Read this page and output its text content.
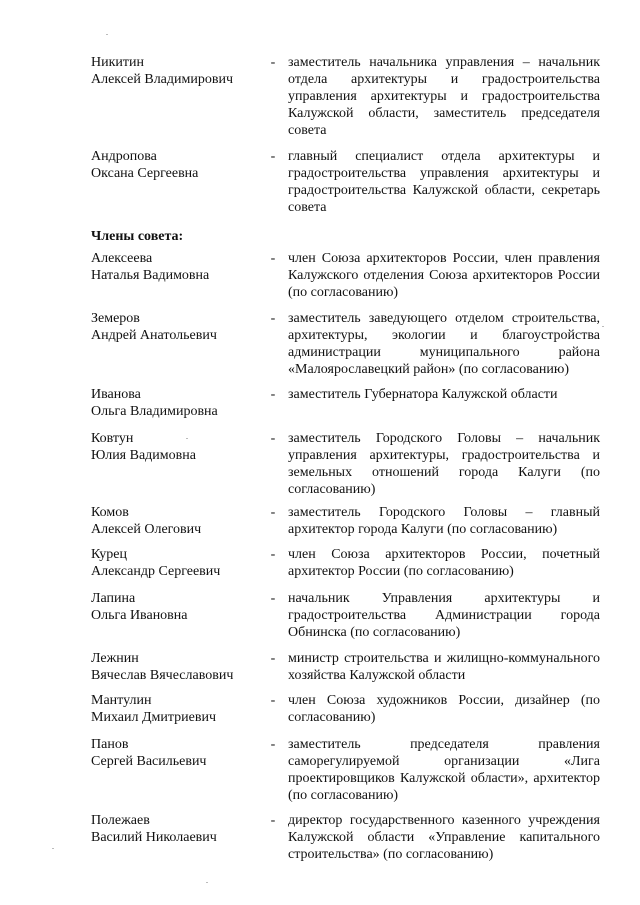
Никитин
Алексей Владимирович
- заместитель начальника управления – начальник отдела архитектуры и градостроительства управления архитектуры и градостроительства Калужской области, заместитель председателя совета
Андропова
Оксана Сергеевна
- главный специалист отдела архитектуры и градостроительства управления архитектуры и градостроительства Калужской области, секретарь совета
Члены совета:
Алексеева
Наталья Вадимовна
- член Союза архитекторов России, член правления Калужского отделения Союза архитекторов России (по согласованию)
Земеров
Андрей Анатольевич
- заместитель заведующего отделом строительства, архитектуры, экологии и благоустройства администрации муниципального района «Малоярославецкий район» (по согласованию)
Иванова
Ольга Владимировна
- заместитель Губернатора Калужской области
Ковтун
Юлия Вадимовна
- заместитель Городского Головы – начальник управления архитектуры, градостроительства и земельных отношений города Калуги (по согласованию)
Комов
Алексей Олегович
- заместитель Городского Головы – главный архитектор города Калуги (по согласованию)
Курец
Александр Сергеевич
- член Союза архитекторов России, почетный архитектор России (по согласованию)
Лапина
Ольга Ивановна
- начальник Управления архитектуры и градостроительства Администрации города Обнинска (по согласованию)
Лежнин
Вячеслав Вячеславович
- министр строительства и жилищно-коммунального хозяйства Калужской области
Мантулин
Михаил Дмитриевич
- член Союза художников России, дизайнер (по согласованию)
Панов
Сергей Васильевич
- заместитель председателя правления саморегулируемой организации «Лига проектировщиков Калужской области», архитектор (по согласованию)
Полежаев
Василий Николаевич
- директор государственного казенного учреждения Калужской области «Управление капитального строительства» (по согласованию)
